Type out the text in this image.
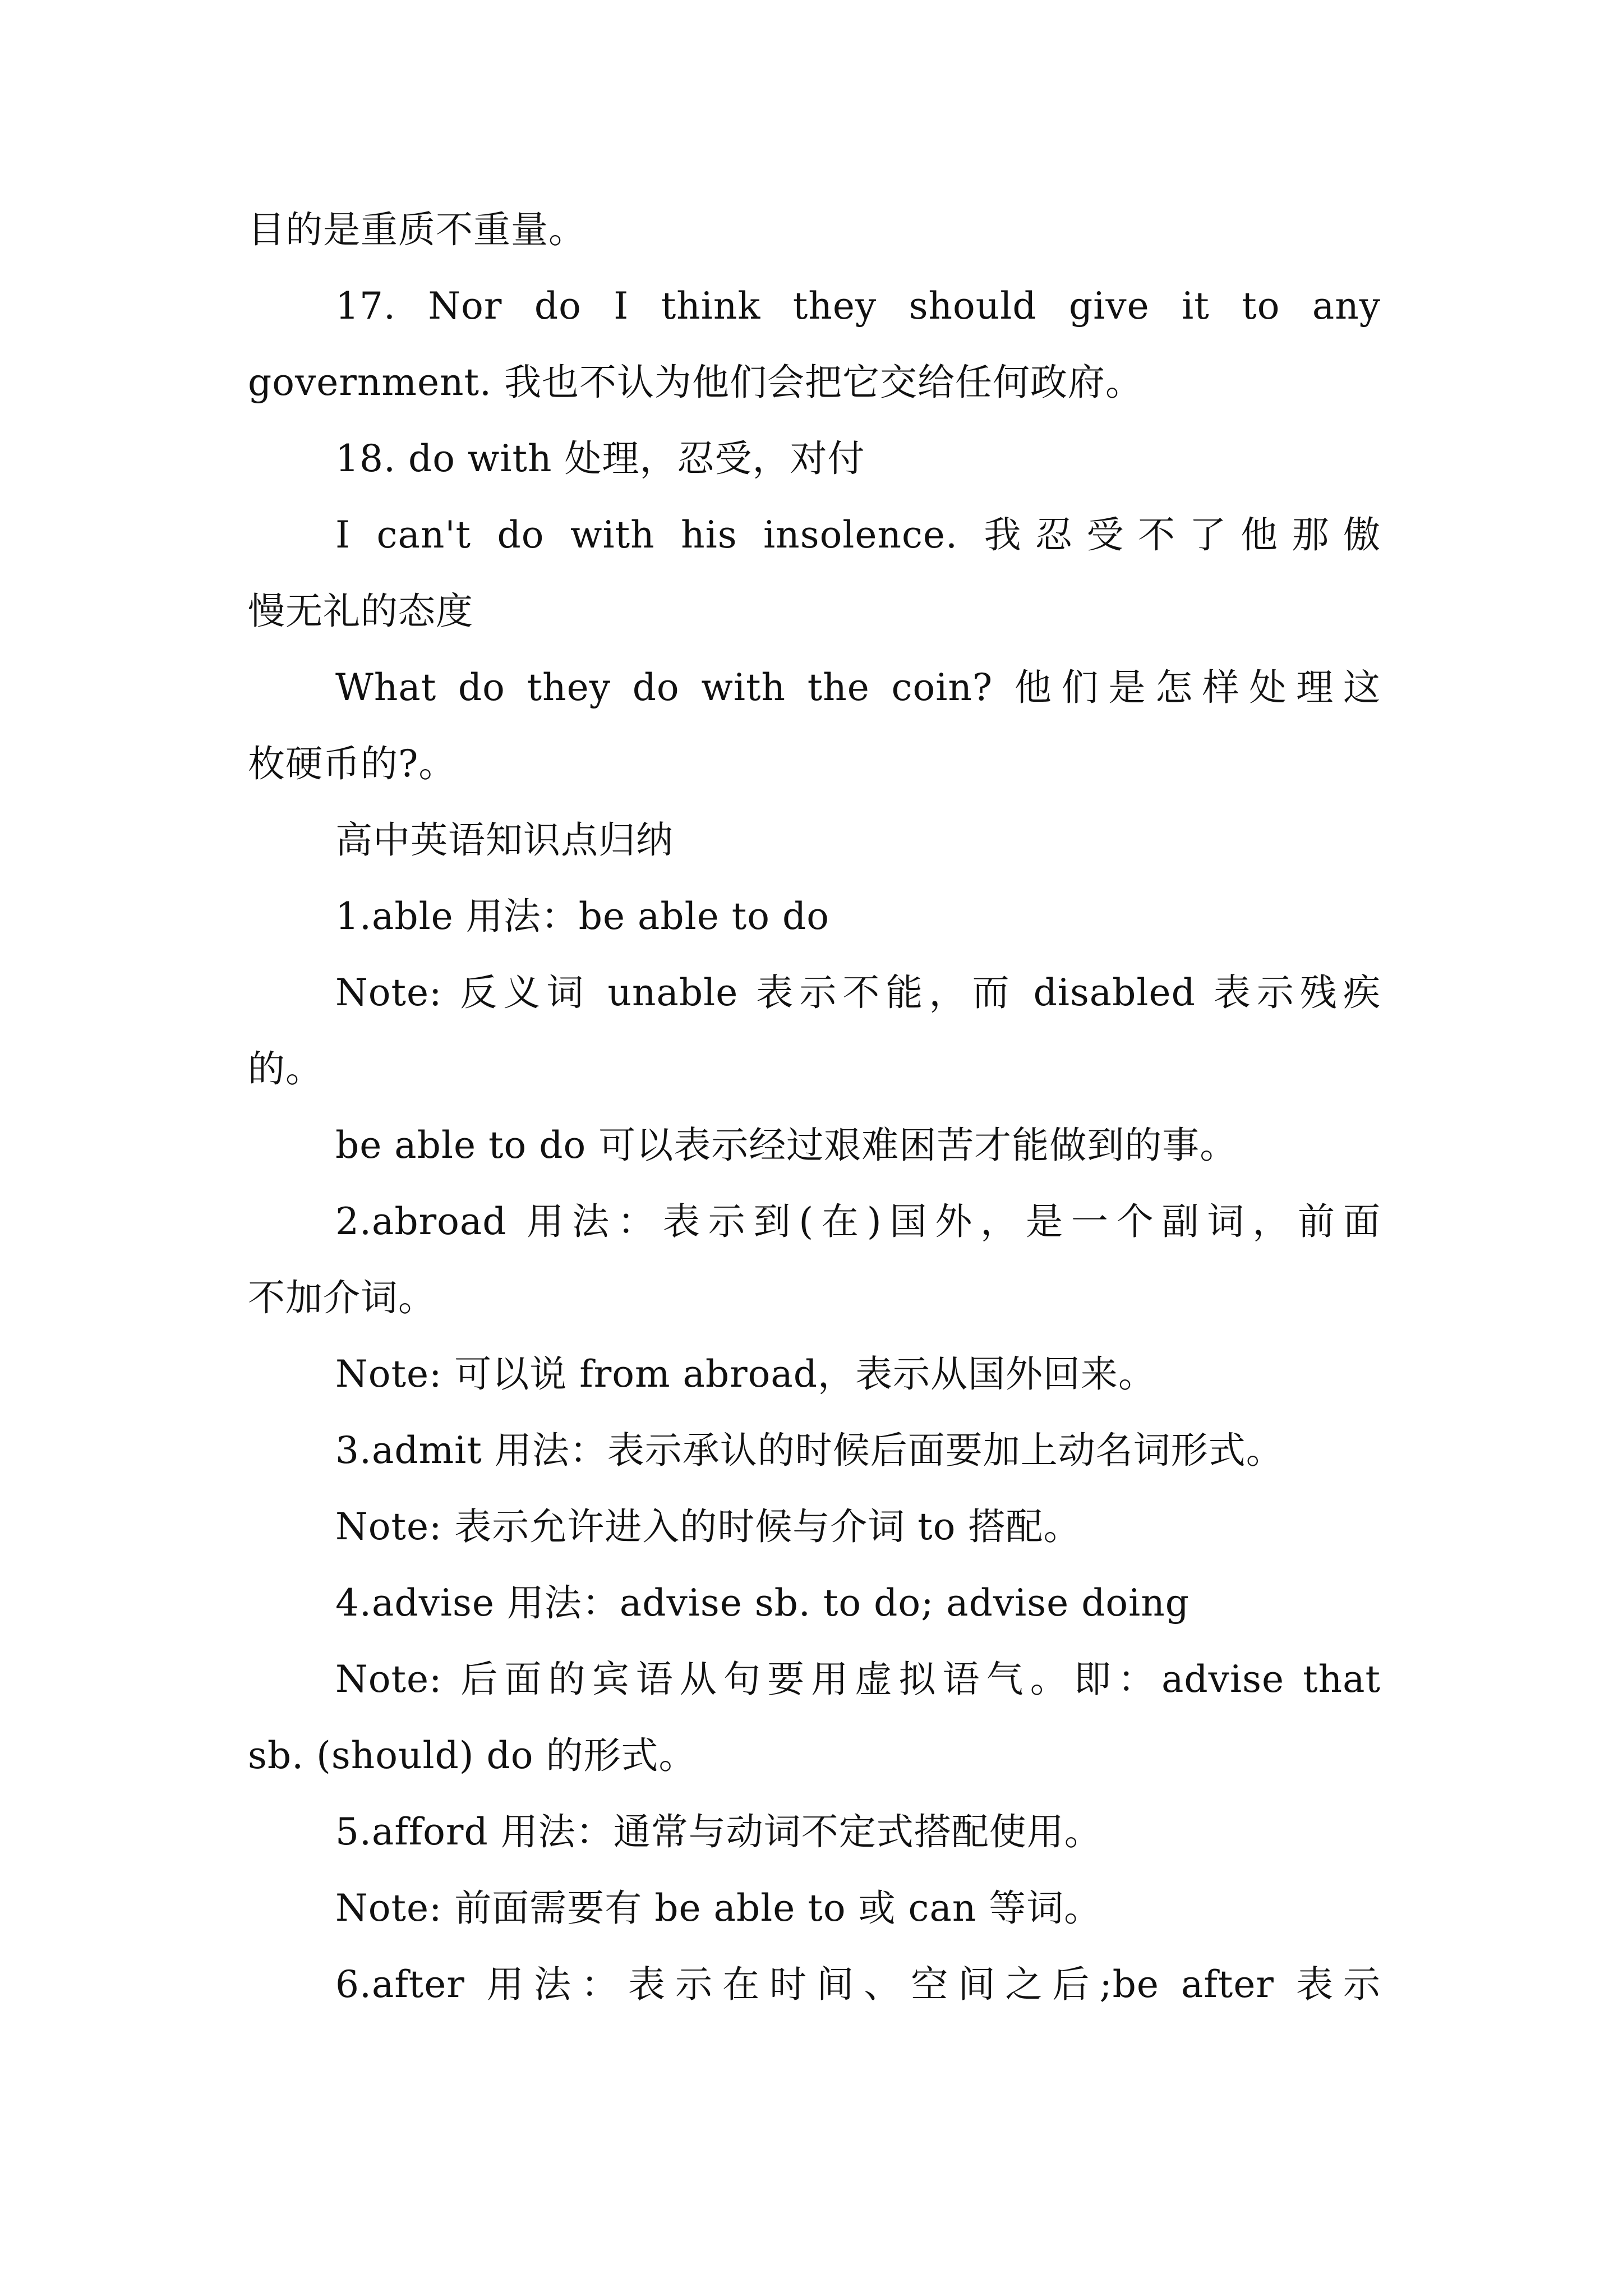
目的是重质不重量。
17. Nor do I think they should give it to any
government. 我也不认为他们会把它交给任何政府。
18. do with 处理，忍受，对付
I can't do with his insolence. 我忍受不了他那傲
慢无礼的态度
What do they do with the coin? 他们是怎样处理这
枚硬币的?。
高中英语知识点归纳
1.able 用法：be able to do
Note: 反义词 unable 表示不能，而 disabled 表示残疾
的。
be able to do 可以表示经过艰难困苦才能做到的事。
2.abroad 用法：表示到(在)国外，是一个副词，前面
不加介词。
Note: 可以说 from abroad，表示从国外回来。
3.admit 用法：表示承认的时候后面要加上动名词形式。
Note: 表示允许进入的时候与介词 to 搭配。
4.advise 用法：advise sb. to do; advise doing
Note: 后面的宾语从句要用虚拟语气。即：advise that
sb. (should) do 的形式。
5.afford 用法：通常与动词不定式搭配使用。
Note: 前面需要有 be able to 或 can 等词。
6.after 用法：表示在时间、空间之后;be after 表示
